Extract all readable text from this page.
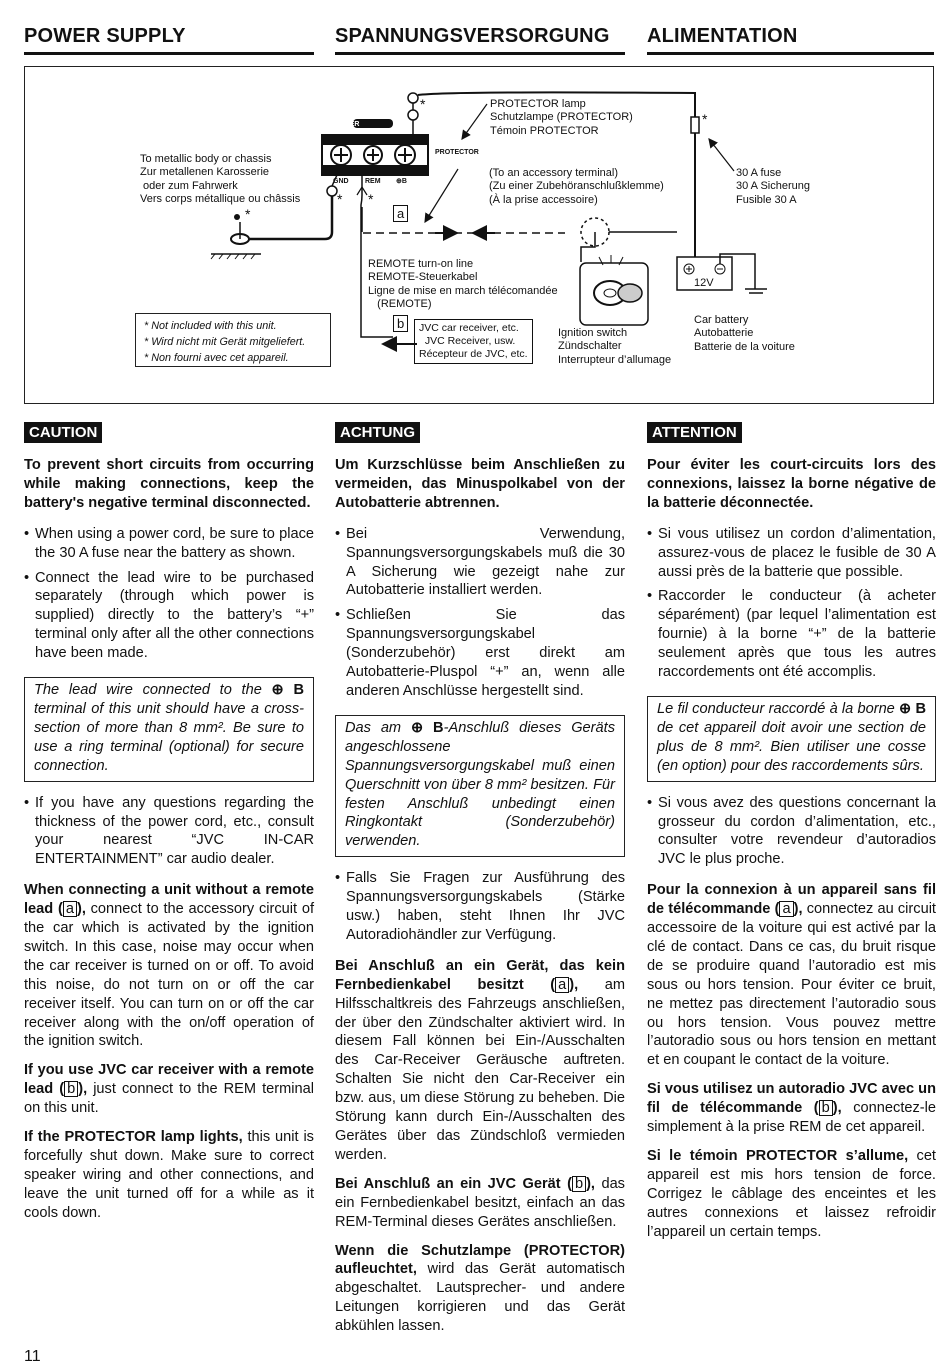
POWER SUPPLY	SPANNUNGSVERSORGUNG ALIMENTATION
POWER
PROTECTOR
GND REM ⊕B
PROTECTOR lamp
Schutzlampe (PROTECTOR)
Témoin PROTECTOR
To metallic body or chassis
Zur metallenen Karosserie
oder zum Fahrwerk
Vers corps métallique ou châssis
(To an accessory terminal)
(Zu einer Zubehöranschlußklemme)
(À la prise accessoire)
30 A fuse
30 A Sicherung
Fusible 30 A
REMOTE turn-on line
REMOTE-Steuerkabel
Ligne de mise en march télécomandée
(REMOTE)
JVC car receiver, etc.
JVC Receiver, usw.
Récepteur de JVC, etc.
Ignition switch
Zündschalter
Interrupteur d’allumage
Car battery
Autobatterie
Batterie de la voiture
12V
a
b
*
*
*
* *
* Not included with this unit.
* Wird nicht mit Gerät mitgeliefert.
* Non fourni avec cet appareil.
CAUTION	ACHTUNG	ATTENTION

To prevent short circuits from occurring while making connections, keep the battery's negative terminal disconnected.

• When using a power cord, be sure to place the 30 A fuse near the battery as shown.
• Connect the lead wire to be purchased separately (through which power is supplied) directly to the battery’s “+” terminal only after all the other connections have been made.
The lead wire connected to the ⊕ B terminal of this unit should have a cross-section of more than 8 mm². Be sure to use a ring terminal (optional) for secure connection.
• If you have any questions regarding the thickness of the power cord, etc., consult your nearest “JVC IN-CAR ENTERTAINMENT” car audio dealer.

When connecting a unit without a remote lead ( a ), connect to the accessory circuit of the car which is activated by the ignition switch. In this case, noise may occur when the car receiver is turned on or off. To avoid this noise, do not turn on or off the car receiver itself. You can turn on or off the car receiver along with the on/off operation of the ignition switch.

If you use JVC car receiver with a remote lead ( b ), just connect to the REM terminal on this unit.

If the PROTECTOR lamp lights, this unit is forcefully shut down. Make sure to correct speaker wiring and other connections, and leave the unit turned off for a while as it cools down.

Um Kurzschlüsse beim Anschließen zu vermeiden, das Minuspolkabel von der Autobatterie abtrennen.

• Bei Verwendung, Spannungsversorgungskabels muß die 30 A Sicherung wie gezeigt nahe zur Autobatterie installiert werden.
• Schließen Sie das Spannungsversorgungskabel (Sonderzubehör) erst direkt am Autobatterie-Pluspol “+” an, wenn alle anderen Anschlüsse hergestellt sind.
Das am ⊕ B-Anschluß dieses Geräts angeschlossene Spannungsversorgungskabel muß einen Querschnitt von über 8 mm² besitzen. Für festen Anschluß unbedingt einen Ringkontakt (Sonderzubehör) verwenden.
• Falls Sie Fragen zur Ausführung des Spannungsversorgungskabels (Stärke usw.) haben, steht Ihnen Ihr JVC Autoradiohändler zur Verfügung.

Bei Anschluß an ein Gerät, das kein Fernbedienkabel besitzt ( a ), am Hilfsschaltkreis des Fahrzeugs anschließen, der über den Zündschalter aktiviert wird. In diesem Fall können bei Ein-/Ausschalten des Car-Receiver Geräusche auftreten. Schalten Sie nicht den Car-Receiver ein bzw. aus, um diese Störung zu beheben. Die Störung kann durch Ein-/Ausschalten des Gerätes über das Zündschloß vermieden werden.

Bei Anschluß an ein JVC Gerät ( b ), das ein Fernbedienkabel besitzt, einfach an das REM-Terminal dieses Gerätes anschließen.

Wenn die Schutzlampe (PROTECTOR) aufleuchtet, wird das Gerät automatisch abgeschaltet. Lautsprecher- und andere Leitungen korrigieren und das Gerät abkühlen lassen.

Pour éviter les court-circuits lors des connexions, laissez la borne négative de la batterie déconnectée.

• Si vous utilisez un cordon d’alimentation, assurez-vous de placez le fusible de 30 A aussi près de la batterie que possible.
• Raccorder le conducteur (à acheter séparément) (par lequel l’alimentation est fournie) à la borne “+” de la batterie seulement après que tous les autres raccordements ont été accomplis.
Le fil conducteur raccordé à la borne ⊕ B de cet appareil doit avoir une section de plus de 8 mm². Bien utiliser une cosse (en option) pour des raccordements sûrs.
• Si vous avez des questions concernant la grosseur du cordon d’alimentation, etc., consulter votre revendeur d’autoradios JVC le plus proche.

Pour la connexion à un appareil sans fil de télécommande ( a ), connectez au circuit accessoire de la voiture qui est activé par la clé de contact. Dans ce cas, du bruit risque de se produire quand l’autoradio est mis sous ou hors tension. Pour éviter ce bruit, ne mettez pas directement l’autoradio sous ou hors tension. Vous pouvez mettre l’autoradio sous ou hors tension en mettant et en coupant le contact de la voiture.

Si vous utilisez un autoradio JVC avec un fil de télécommande ( b ), connectez-le simplement à la prise REM de cet appareil.

Si le témoin PROTECTOR s’allume, cet appareil est mis hors tension de force. Corrigez le câblage des enceintes et les autres connexions et laissez refroidir l’appareil un certain temps.

11
